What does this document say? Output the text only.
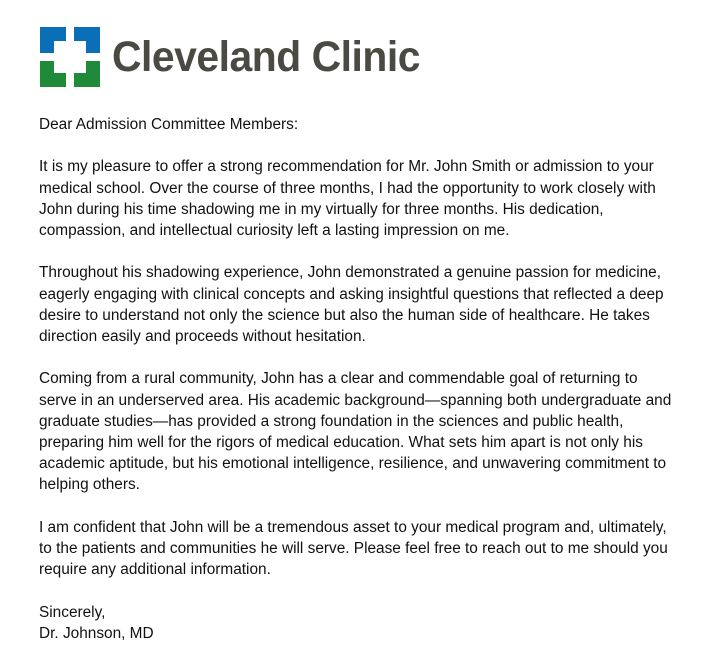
Cleveland Clinic

Dear Admission Committee Members:

It is my pleasure to offer a strong recommendation for Mr. John Smith or admission to your medical school. Over the course of three months, I had the opportunity to work closely with John during his time shadowing me in my virtually for three months. His dedication, compassion, and intellectual curiosity left a lasting impression on me.

Throughout his shadowing experience, John demonstrated a genuine passion for medicine, eagerly engaging with clinical concepts and asking insightful questions that reflected a deep desire to understand not only the science but also the human side of healthcare. He takes direction easily and proceeds without hesitation.

Coming from a rural community, John has a clear and commendable goal of returning to serve in an underserved area. His academic background—spanning both undergraduate and graduate studies—has provided a strong foundation in the sciences and public health, preparing him well for the rigors of medical education. What sets him apart is not only his academic aptitude, but his emotional intelligence, resilience, and unwavering commitment to helping others.

I am confident that John will be a tremendous asset to your medical program and, ultimately, to the patients and communities he will serve. Please feel free to reach out to me should you require any additional information.

Sincerely,

Dr. Johnson, MD
